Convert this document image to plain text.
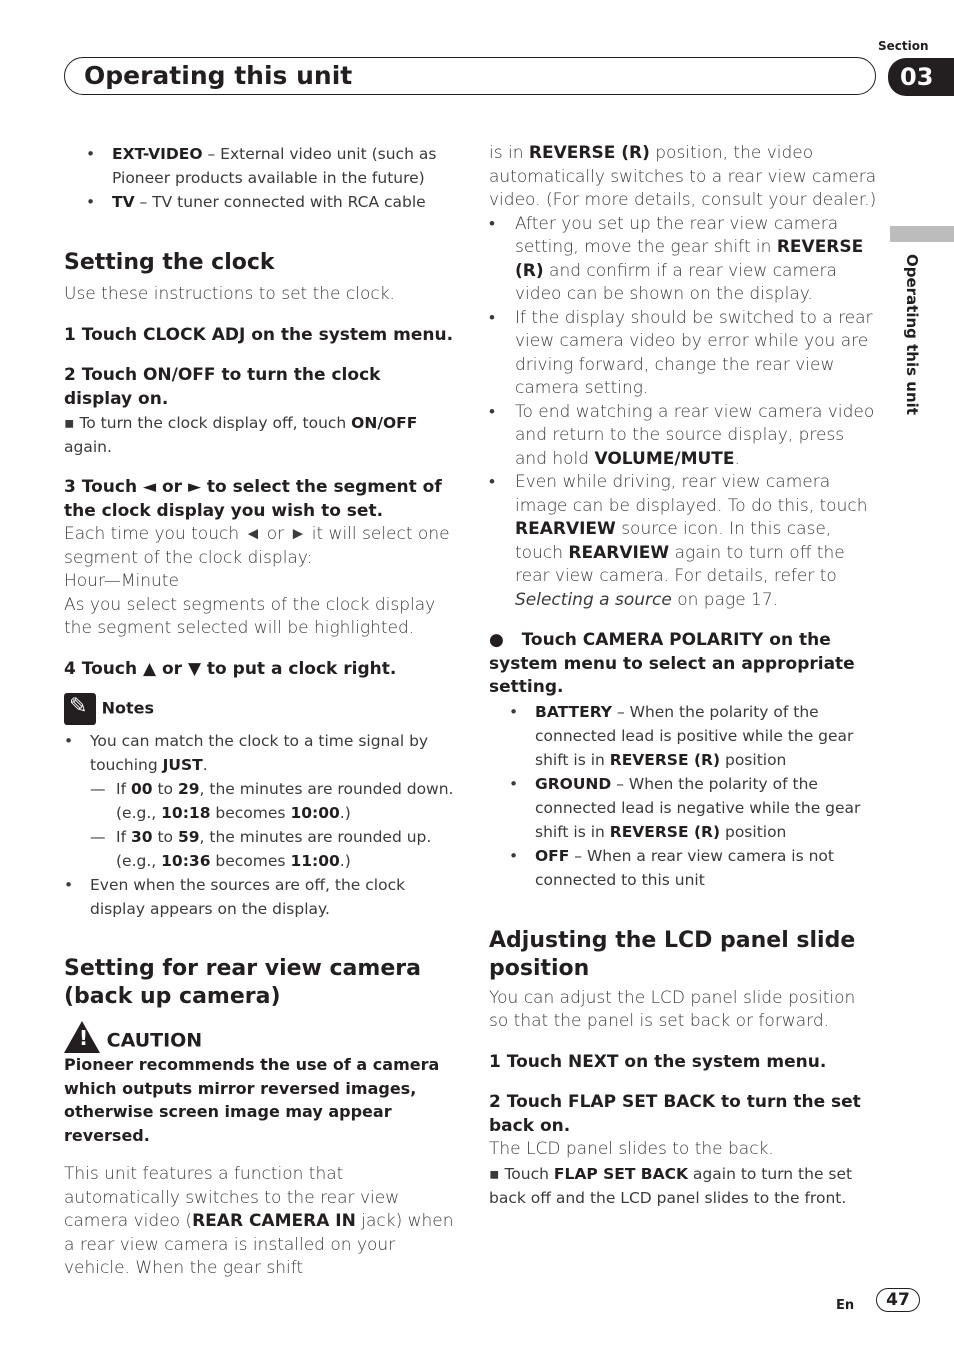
Section
Operating this unit	03
Operating this unit
• EXT-VIDEO – External video unit (such as Pioneer products available in the future)
• TV – TV tuner connected with RCA cable
Setting the clock

Use these instructions to set the clock.

1 Touch CLOCK ADJ on the system menu.

2 Touch ON/OFF to turn the clock display on.

▪ To turn the clock display off, touch ON/OFF again.

3 Touch ◄ or ► to select the segment of the clock display you wish to set.

Each time you touch ◄ or ► it will select one segment of the clock display:

Hour—Minute

As you select segments of the clock display the segment selected will be highlighted.

4 Touch ▲ or ▼ to put a clock right.

✎ Notes
• You can match the clock to a time signal by touching JUST.
— If 00 to 29, the minutes are rounded down. (e.g., 10:18 becomes 10:00.)
— If 30 to 59, the minutes are rounded up. (e.g., 10:36 becomes 11:00.)
• Even when the sources are off, the clock display appears on the display.
Setting for rear view camera (back up camera)
! CAUTION

Pioneer recommends the use of a camera which outputs mirror reversed images, otherwise screen image may appear reversed.

This unit features a function that automatically switches to the rear view camera video (REAR CAMERA IN jack) when a rear view camera is installed on your vehicle. When the gear shift

is in REVERSE (R) position, the video automatically switches to a rear view camera video. (For more details, consult your dealer.)

• After you set up the rear view camera setting, move the gear shift in REVERSE (R) and confirm if a rear view camera video can be shown on the display.
• If the display should be switched to a rear view camera video by error while you are driving forward, change the rear view camera setting.
• To end watching a rear view camera video and return to the source display, press and hold VOLUME/MUTE.
• Even while driving, rear view camera image can be displayed. To do this, touch REARVIEW source icon. In this case, touch REARVIEW again to turn off the rear view camera. For details, refer to Selecting a source on page 17.

●   Touch CAMERA POLARITY on the system menu to select an appropriate setting.

• BATTERY – When the polarity of the connected lead is positive while the gear shift is in REVERSE (R) position
• GROUND – When the polarity of the connected lead is negative while the gear shift is in REVERSE (R) position
• OFF – When a rear view camera is not connected to this unit
Adjusting the LCD panel slide position

You can adjust the LCD panel slide position so that the panel is set back or forward.

1 Touch NEXT on the system menu.

2 Touch FLAP SET BACK to turn the set back on.

The LCD panel slides to the back.

▪ Touch FLAP SET BACK again to turn the set back off and the LCD panel slides to the front.

En	47
